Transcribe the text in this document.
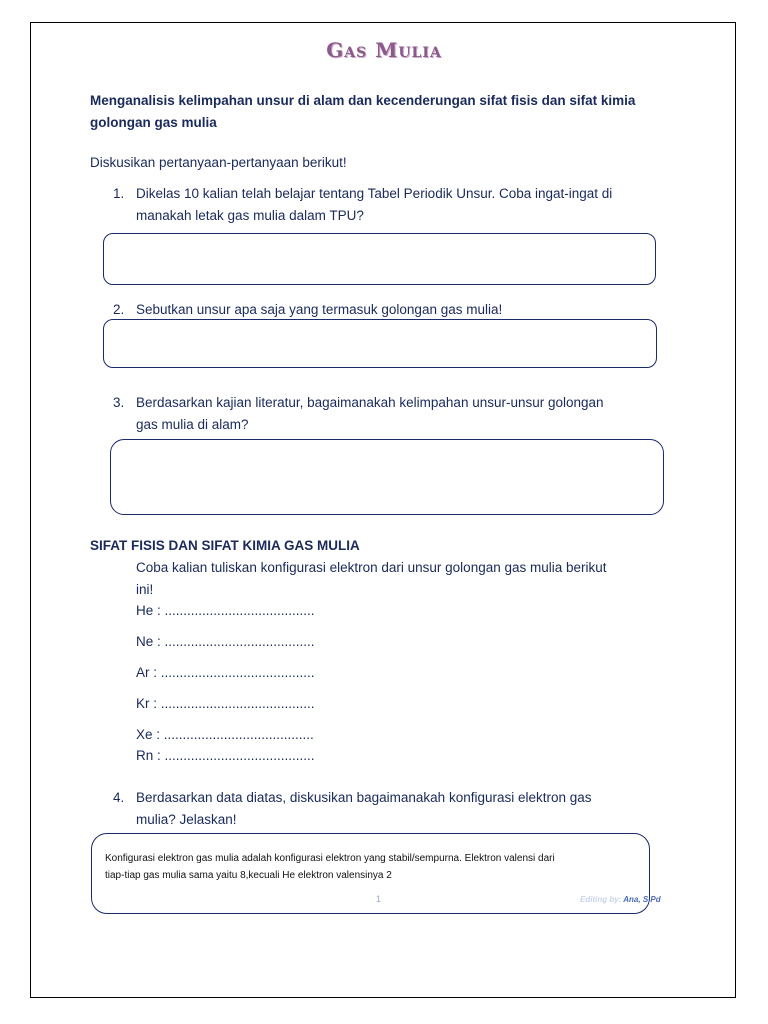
Gas Mulia
Menganalisis kelimpahan unsur di alam dan kecenderungan sifat fisis dan sifat kimia golongan gas mulia
Diskusikan pertanyaan-pertanyaan berikut!
1. Dikelas 10 kalian telah belajar tentang Tabel Periodik Unsur. Coba ingat-ingat di
manakah letak gas mulia dalam TPU?
2. Sebutkan unsur apa saja yang termasuk golongan gas mulia!
3. Berdasarkan kajian literatur, bagaimanakah kelimpahan unsur-unsur golongan
gas mulia di alam?
SIFAT FISIS DAN SIFAT KIMIA GAS MULIA
Coba kalian tuliskan konfigurasi elektron dari unsur golongan gas mulia berikut
ini!
He : ........................................
Ne : ........................................
Ar : .........................................
Kr : .........................................
Xe : ........................................
Rn : ........................................
4. Berdasarkan data diatas, diskusikan bagaimanakah konfigurasi elektron gas
mulia? Jelaskan!
Konfigurasi elektron gas mulia adalah konfigurasi elektron yang stabil/sempurna. Elektron valensi dari
tiap-tiap gas mulia sama yaitu 8,kecuali He elektron valensinya 2
1	Editing by: Ana, S.Pd
